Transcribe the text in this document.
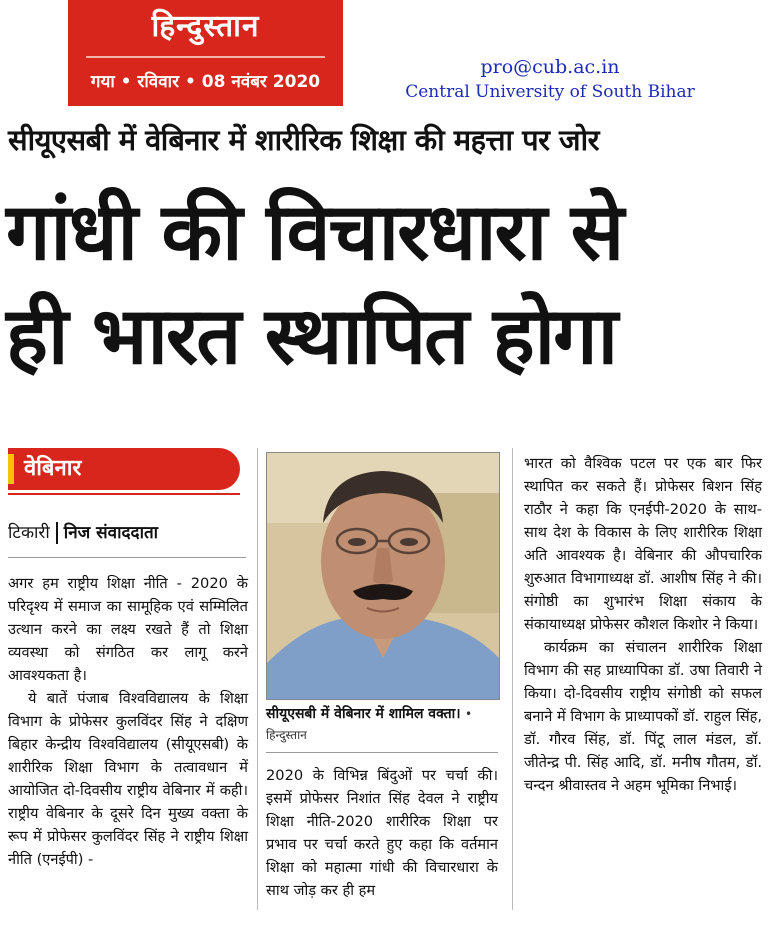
हिन्दुस्तान
गया • रविवार • 08 नवंबर 2020
pro@cub.ac.in
Central University of South Bihar
सीयूएसबी में वेबिनार में शारीरिक शिक्षा की महत्ता पर जोर
गांधी की विचारधारा से
ही भारत स्थापित होगा
वेबिनार
टिकारी निज संवाददाता

अगर हम राष्ट्रीय शिक्षा नीति - 2020 के परिदृश्य में समाज का सामूहिक एवं सम्मिलित उत्थान करने का लक्ष्य रखते हैं तो शिक्षा व्यवस्था को संगठित कर लागू करने आवश्यकता है।

ये बातें पंजाब विश्वविद्यालय के शिक्षा विभाग के प्रोफेसर कुलविंदर सिंह ने दक्षिण बिहार केन्द्रीय विश्वविद्यालय (सीयूएसबी) के शारीरिक शिक्षा विभाग के तत्वावधान में आयोजित दो-दिवसीय राष्ट्रीय वेबिनार में कही। राष्ट्रीय वेबिनार के दूसरे दिन मुख्य वक्ता के रूप में प्रोफेसर कुलविंदर सिंह ने राष्ट्रीय शिक्षा नीति (एनईपी) -

सीयूएसबी में वेबिनार में शामिल वक्ता। • हिन्दुस्तान

2020 के विभिन्न बिंदुओं पर चर्चा की। इसमें प्रोफेसर निशांत सिंह देवल ने राष्ट्रीय शिक्षा नीति-2020 शारीरिक शिक्षा पर प्रभाव पर चर्चा करते हुए कहा कि वर्तमान शिक्षा को महात्मा गांधी की विचारधारा के साथ जोड़ कर ही हम

भारत को वैश्विक पटल पर एक बार फिर स्थापित कर सकते हैं। प्रोफेसर बिशन सिंह राठौर ने कहा कि एनईपी-2020 के साथ-साथ देश के विकास के लिए शारीरिक शिक्षा अति आवश्यक है। वेबिनार की औपचारिक शुरुआत विभागाध्यक्ष डॉ. आशीष सिंह ने की। संगोष्ठी का शुभारंभ शिक्षा संकाय के संकायाध्यक्ष प्रोफेसर कौशल किशोर ने किया।

कार्यक्रम का संचालन शारीरिक शिक्षा विभाग की सह प्राध्यापिका डॉ. उषा तिवारी ने किया। दो-दिवसीय राष्ट्रीय संगोष्ठी को सफल बनाने में विभाग के प्राध्यापकों डॉ. राहुल सिंह, डॉ. गौरव सिंह, डॉ. पिंटू लाल मंडल, डॉ. जीतेन्द्र पी. सिंह आदि, डॉ. मनीष गौतम, डॉ. चन्दन श्रीवास्तव ने अहम भूमिका निभाई।
